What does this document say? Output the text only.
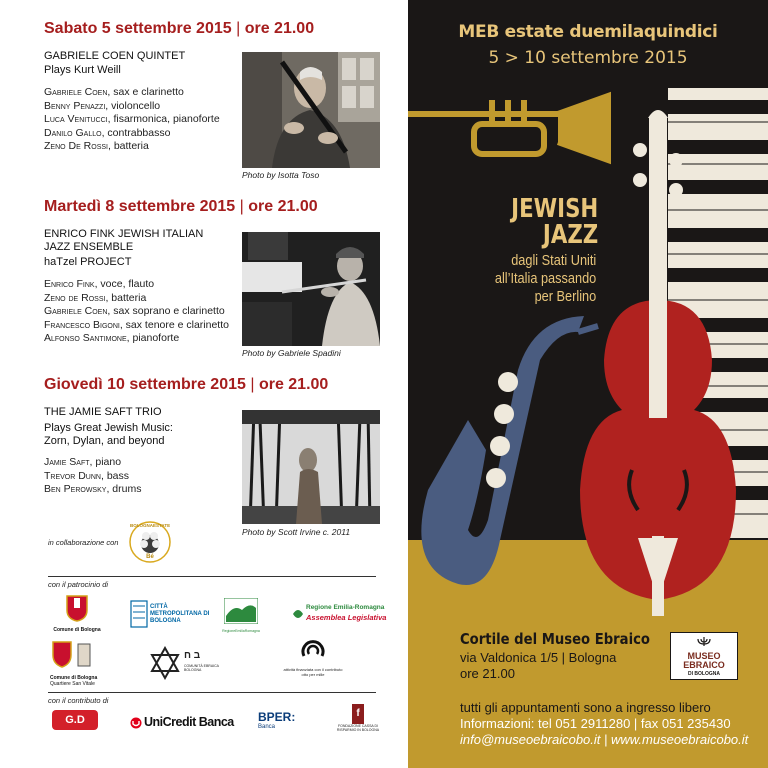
Sabato 5 settembre 2015 | ore 21.00
GABRIELE COEN QUINTET
Plays Kurt Weill
Gabriele Coen, sax e clarinetto
Benny Penazzi, violoncello
Luca Venitucci, fisarmonica, pianoforte
Danilo Gallo, contrabbasso
Zeno De Rossi, batteria
Photo by Isotta Toso
Martedì 8 settembre 2015 | ore 21.00
ENRICO FINK JEWISH ITALIAN
JAZZ ENSEMBLE
haTzel PROJECT
Enrico Fink, voce, flauto
Zeno de Rossi, batteria
Gabriele Coen, sax soprano e clarinetto
Francesco Bigoni, sax tenore e clarinetto
Alfonso Santimone, pianoforte
Photo by Gabriele Spadini
Giovedì 10 settembre 2015 | ore 21.00
THE JAMIE SAFT TRIO
Plays Great Jewish Music:
Zorn, Dylan, and beyond
Jamie Saft, piano
Trevor Dunn, bass
Ben Perowsky, drums
Photo by Scott Irvine c. 2011
in collaborazione con
BOLOGNAESTATE
Bé
con il patrocinio di
Comune di Bologna
CITTÀ METROPOLITANA DI BOLOGNA
RegioneEmiliaRomagna
Regione Emilia-Romagna
Assemblea Legislativa
Comune di Bologna
Quartiere San Vitale
ב ח
COMUNITÀ EBRAICA BOLOGNA	attività finanziata con il contributo otto per mille
con il contributo di
G.D	UniCredit Banca BPER:
Banca
f
FONDAZIONE CASSA DI RISPARMIO IN BOLOGNA
MEB estate duemilaquindici
5 > 10 settembre 2015
JEWISH
JAZZ
dagli Stati Uniti
all’Italia passando
per Berlino
Cortile del Museo Ebraico
via Valdonica 1/5 | Bologna
ore 21.00
MUSEO
EBRAICO
DI BOLOGNA
tutti gli appuntamenti sono a ingresso libero
Informazioni: tel 051 2911280 | fax 051 235430
info@museoebraicobo.it | www.museoebraicobo.it
